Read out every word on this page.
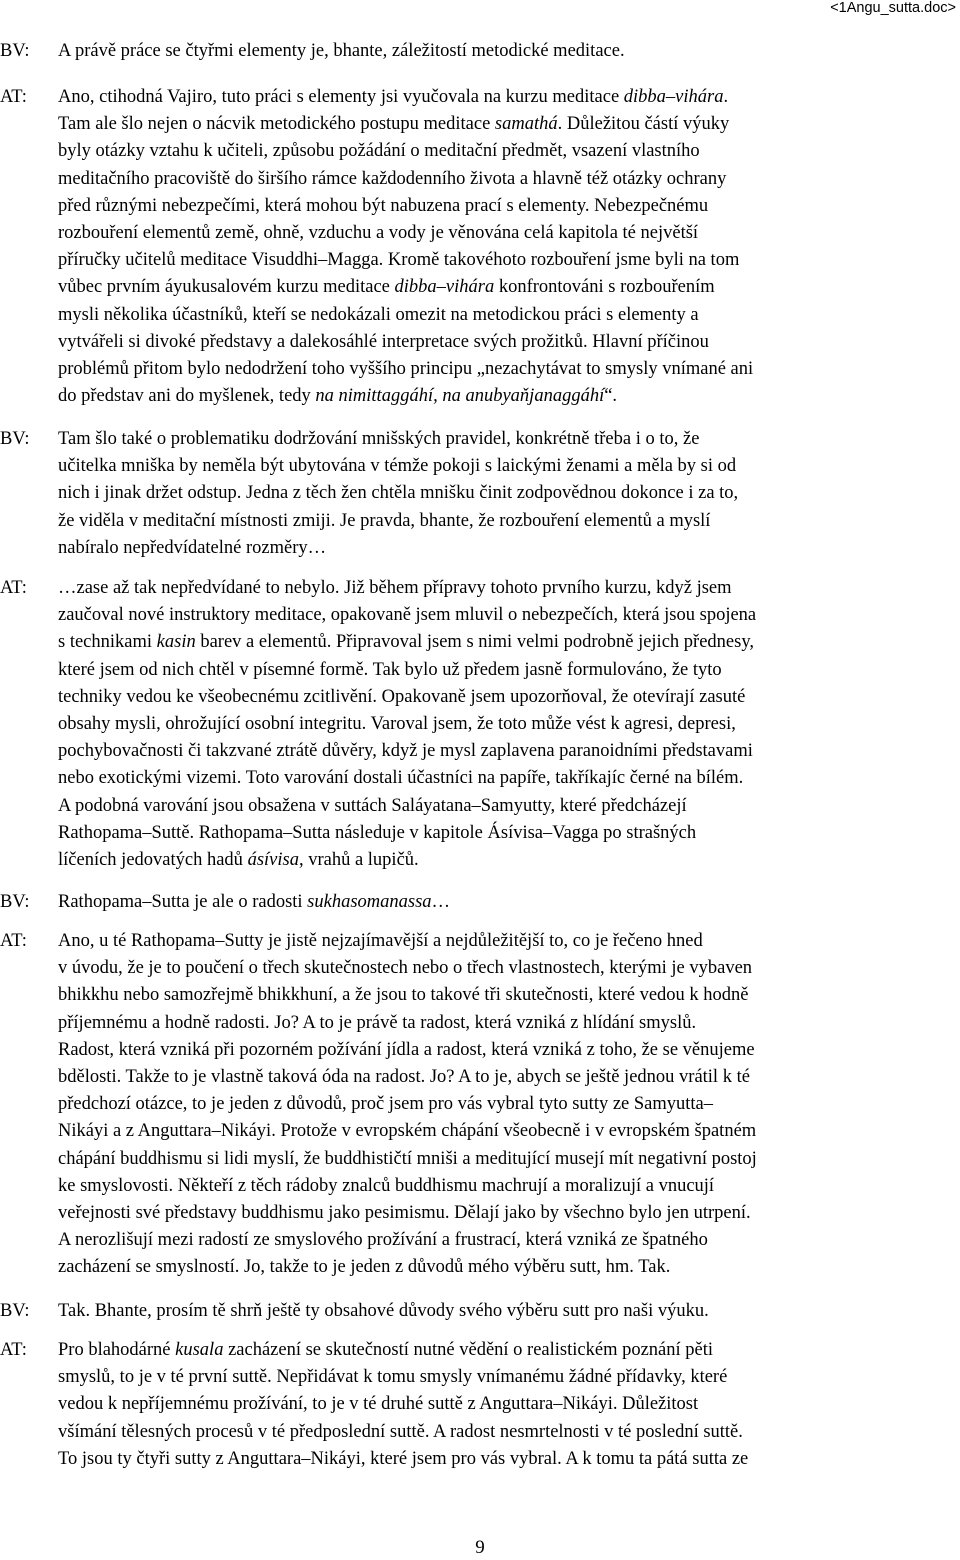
<1Angu_sutta.doc>
BV:	A právě práce se čtyřmi elementy je, bhante, záležitostí metodické meditace.
AT:	Ano, ctihodná Vajiro, tuto práci s elementy jsi vyučovala na kurzu meditace dibba–vihára.
Tam ale šlo nejen o nácvik metodického postupu meditace samathá. Důležitou částí výuky
byly otázky vztahu k učiteli, způsobu požádání o meditační předmět, vsazení vlastního
meditačního pracoviště do širšího rámce každodenního života a hlavně též otázky ochrany
před různými nebezpečími, která mohou být nabuzena prací s elementy. Nebezpečnému
rozbouření elementů země, ohně, vzduchu a vody je věnována celá kapitola té největší
příručky učitelů meditace Visuddhi–Magga. Kromě takovéhoto rozbouření jsme byli na tom
vůbec prvním áyukusalovém kurzu meditace dibba–vihára konfrontováni s rozbouřením
mysli několika účastníků, kteří se nedokázali omezit na metodickou práci s elementy a
vytvářeli si divoké představy a dalekosáhlé interpretace svých prožitků. Hlavní příčinou
problémů přitom bylo nedodržení toho vyššího principu „nezachytávat to smysly vnímané ani
do představ ani do myšlenek, tedy na nimittaggáhí, na anubyaňjanaggáhí“.
BV:	Tam šlo také o problematiku dodržování mnišských pravidel, konkrétně třeba i o to, že
učitelka mniška by neměla být ubytována v témže pokoji s laickými ženami a měla by si od
nich i jinak držet odstup. Jedna z těch žen chtěla mnišku činit zodpovědnou dokonce i za to,
že viděla v meditační místnosti zmiji. Je pravda, bhante, že rozbouření elementů a myslí
nabíralo nepředvídatelné rozměry…
AT:	…zase až tak nepředvídané to nebylo. Již během přípravy tohoto prvního kurzu, když jsem
zaučoval nové instruktory meditace, opakovaně jsem mluvil o nebezpečích, která jsou spojena
s technikami kasin barev a elementů. Připravoval jsem s nimi velmi podrobně jejich přednesy,
které jsem od nich chtěl v písemné formě. Tak bylo už předem jasně formulováno, že tyto
techniky vedou ke všeobecnému zcitlivění. Opakovaně jsem upozorňoval, že otevírají zasuté
obsahy mysli, ohrožující osobní integritu. Varoval jsem, že toto může vést k agresi, depresi,
pochybovačnosti či takzvané ztrátě důvěry, když je mysl zaplavena paranoidními představami
nebo exotickými vizemi. Toto varování dostali účastníci na papíře, takříkajíc černé na bílém.
A podobná varování jsou obsažena v suttách Saláyatana–Samyutty, které předcházejí
Rathopama–Suttě. Rathopama–Sutta následuje v kapitole Ásívisa–Vagga po strašných
líčeních jedovatých hadů ásívisa, vrahů a lupičů.
BV:	Rathopama–Sutta je ale o radosti sukhasomanassa…
AT:	Ano, u té Rathopama–Sutty je jistě nejzajímavější a nejdůležitější to, co je řečeno hned
v úvodu, že je to poučení o třech skutečnostech nebo o třech vlastnostech, kterými je vybaven
bhikkhu nebo samozřejmě bhikkhuní, a že jsou to takové tři skutečnosti, které vedou k hodně
příjemnému a hodně radosti. Jo? A to je právě ta radost, která vzniká z hlídání smyslů.
Radost, která vzniká při pozorném požívání jídla a radost, která vzniká z toho, že se věnujeme
bdělosti. Takže to je vlastně taková óda na radost. Jo? A to je, abych se ještě jednou vrátil k té
předchozí otázce, to je jeden z důvodů, proč jsem pro vás vybral tyto sutty ze Samyutta–
Nikáyi a z Anguttara–Nikáyi. Protože v evropském chápání všeobecně i v evropském špatném
chápání buddhismu si lidi myslí, že buddhističtí mniši a meditující musejí mít negativní postoj
ke smyslovosti. Někteří z těch rádoby znalců buddhismu machrují a moralizují a vnucují
veřejnosti své představy buddhismu jako pesimismu. Dělají jako by všechno bylo jen utrpení.
A nerozlišují mezi radostí ze smyslového prožívání a frustrací, která vzniká ze špatného
zacházení se smyslností. Jo, takže to je jeden z důvodů mého výběru sutt, hm. Tak.
BV:	Tak. Bhante, prosím tě shrň ještě ty obsahové důvody svého výběru sutt pro naši výuku.
AT:	Pro blahodárné kusala zacházení se skutečností nutné vědění o realistickém poznání pěti
smyslů, to je v té první suttě. Nepřidávat k tomu smysly vnímanému žádné přídavky, které
vedou k nepříjemnému prožívání, to je v té druhé suttě z Anguttara–Nikáyi. Důležitost
všímání tělesných procesů v té předposlední suttě. A radost nesmrtelnosti v té poslední suttě.
To jsou ty čtyři sutty z Anguttara–Nikáyi, které jsem pro vás vybral. A k tomu ta pátá sutta ze
9
